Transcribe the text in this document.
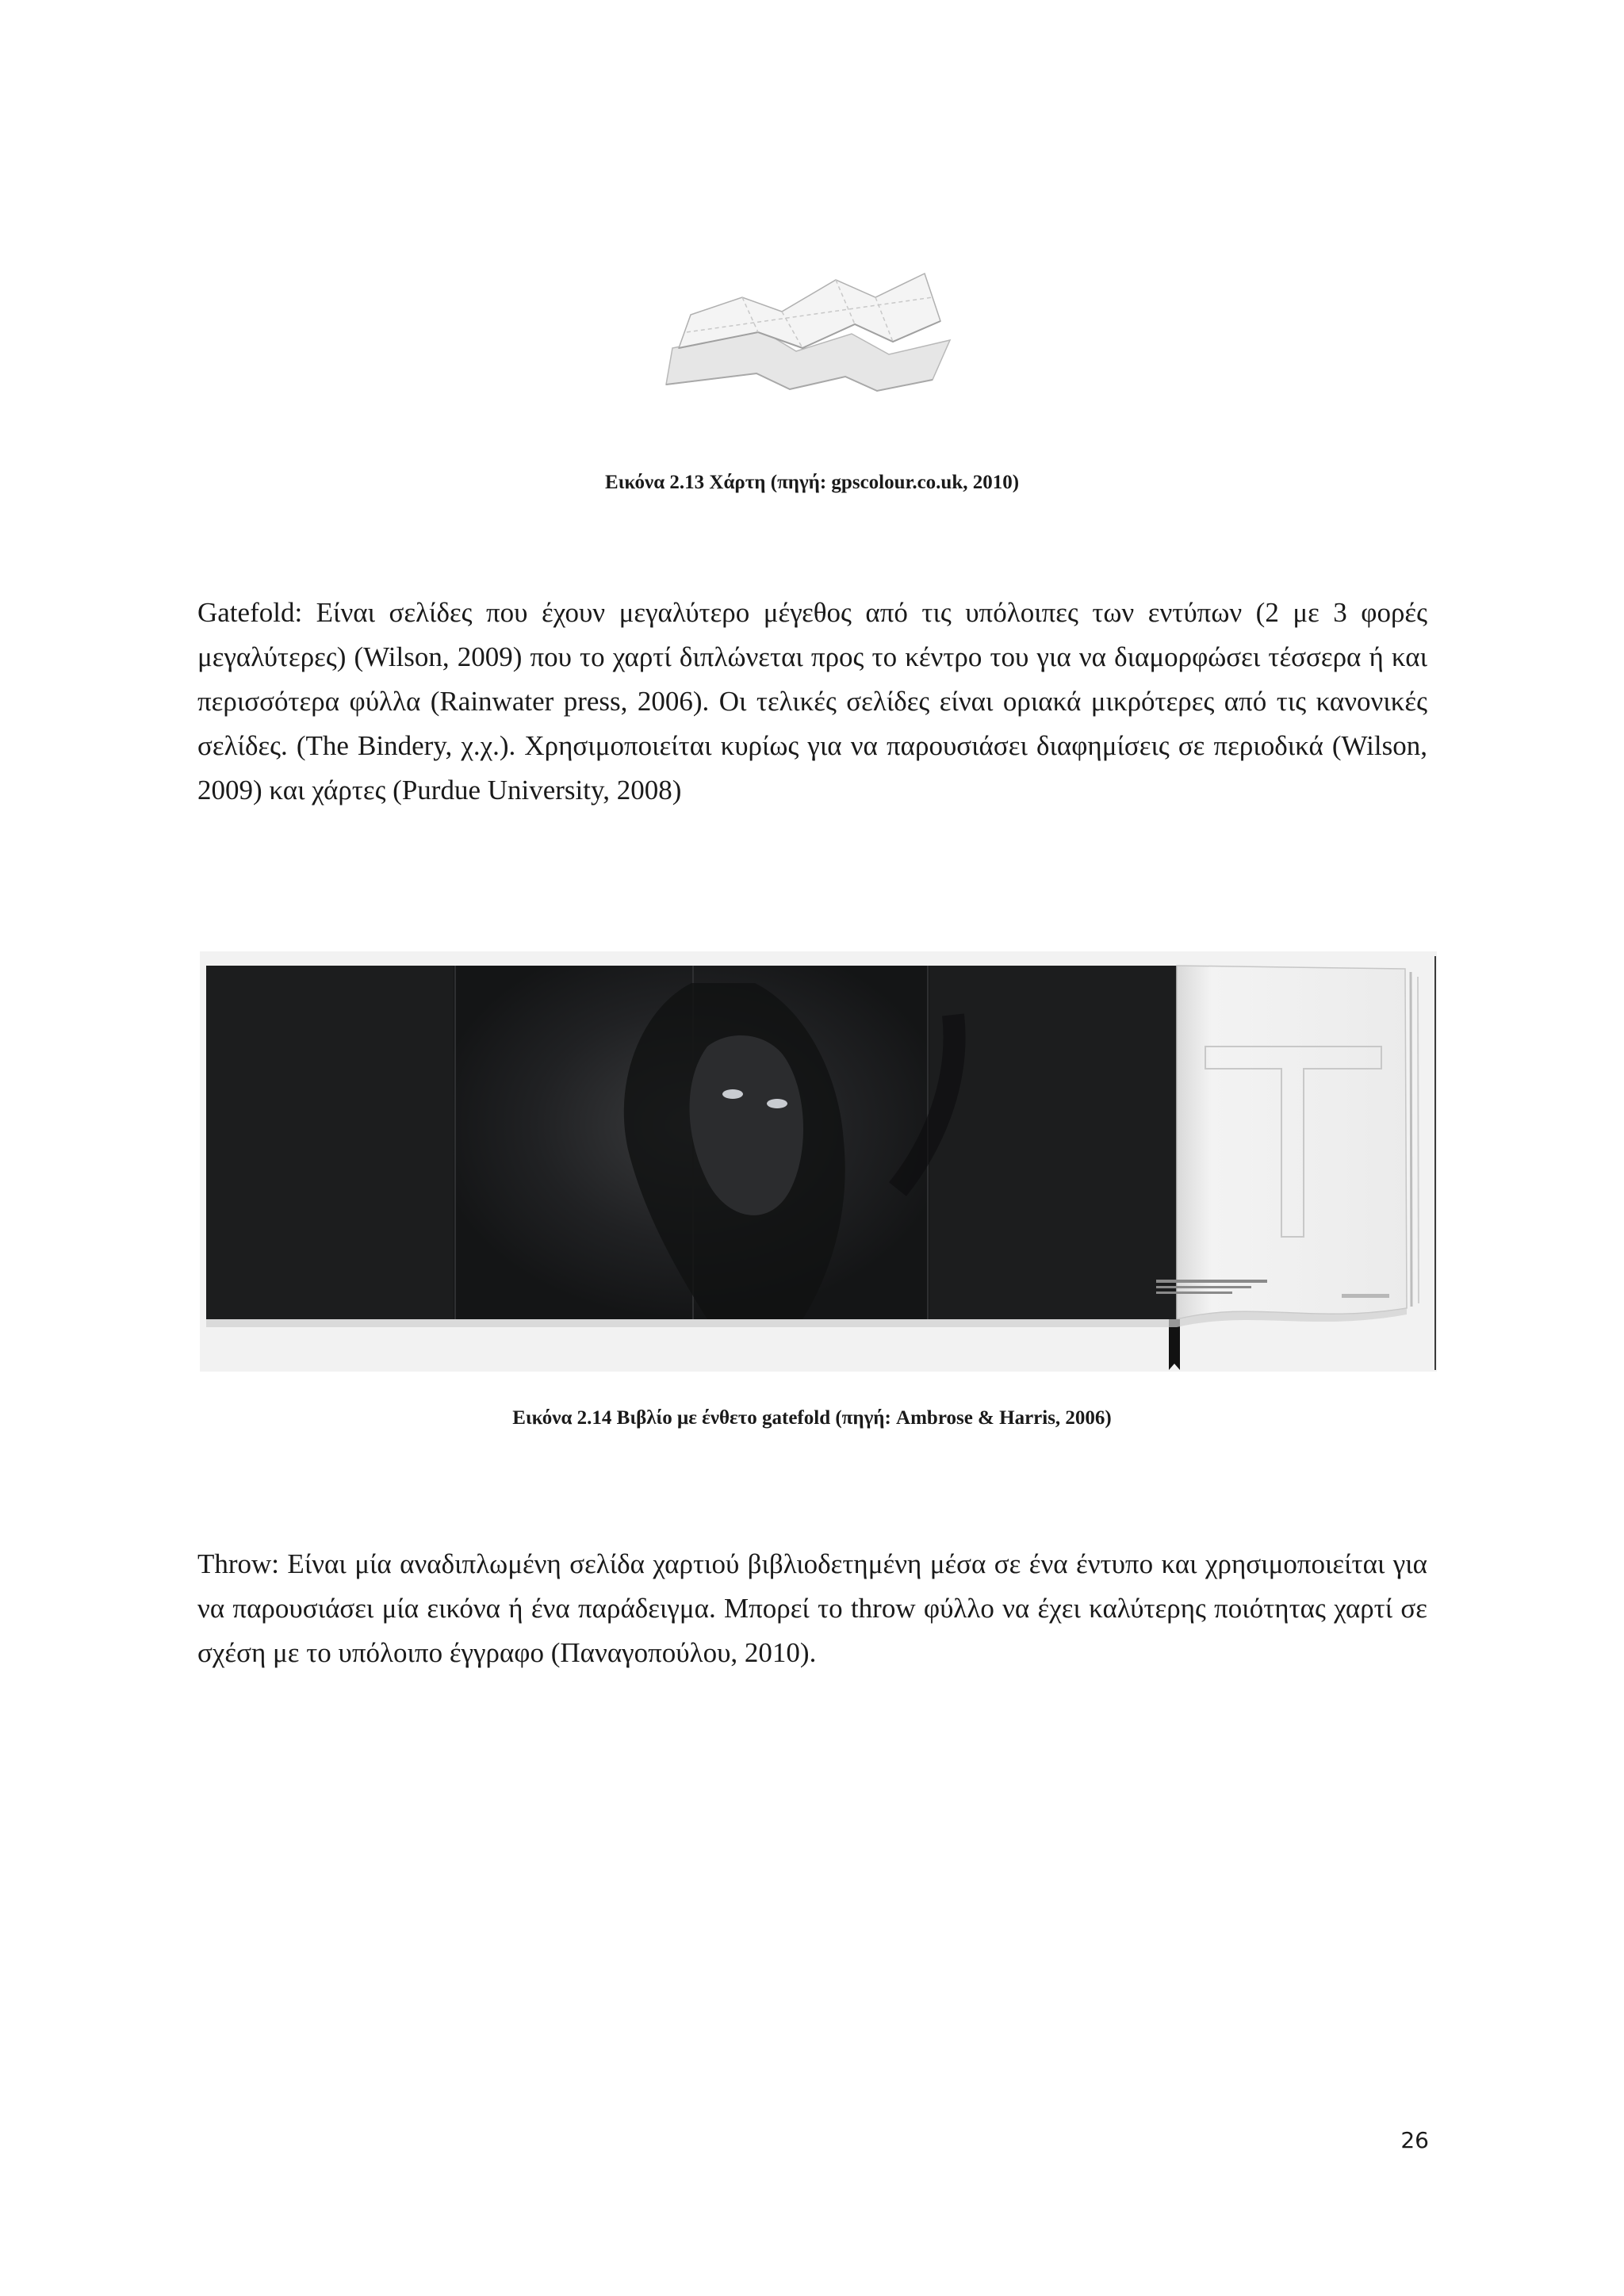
Εικόνα 2.13 Χάρτη (πηγή: gpscolour.co.uk, 2010)
Gatefold: Είναι σελίδες που έχουν μεγαλύτερο μέγεθος από τις υπόλοιπες των εντύπων (2 με 3 φορές μεγαλύτερες) (Wilson, 2009) που το χαρτί διπλώνεται προς το κέντρο του για να διαμορφώσει τέσσερα ή και περισσότερα φύλλα (Rainwater press, 2006). Οι τελικές σελίδες είναι οριακά μικρότερες από τις κανονικές σελίδες. (The Bindery, χ.χ.). Χρησιμοποιείται κυρίως για να παρουσιάσει διαφημίσεις σε περιοδικά (Wilson, 2009) και χάρτες (Purdue University, 2008)
Εικόνα 2.14 Βιβλίο με ένθετο gatefold (πηγή: Ambrose & Harris, 2006)
Throw: Είναι μία αναδιπλωμένη σελίδα χαρτιού βιβλιοδετημένη μέσα σε ένα έντυπο και χρησιμοποιείται για να παρουσιάσει μία εικόνα ή ένα παράδειγμα. Μπορεί το throw φύλλο να έχει καλύτερης ποιότητας χαρτί σε σχέση με το υπόλοιπο έγγραφο (Παναγοπούλου, 2010).
26
